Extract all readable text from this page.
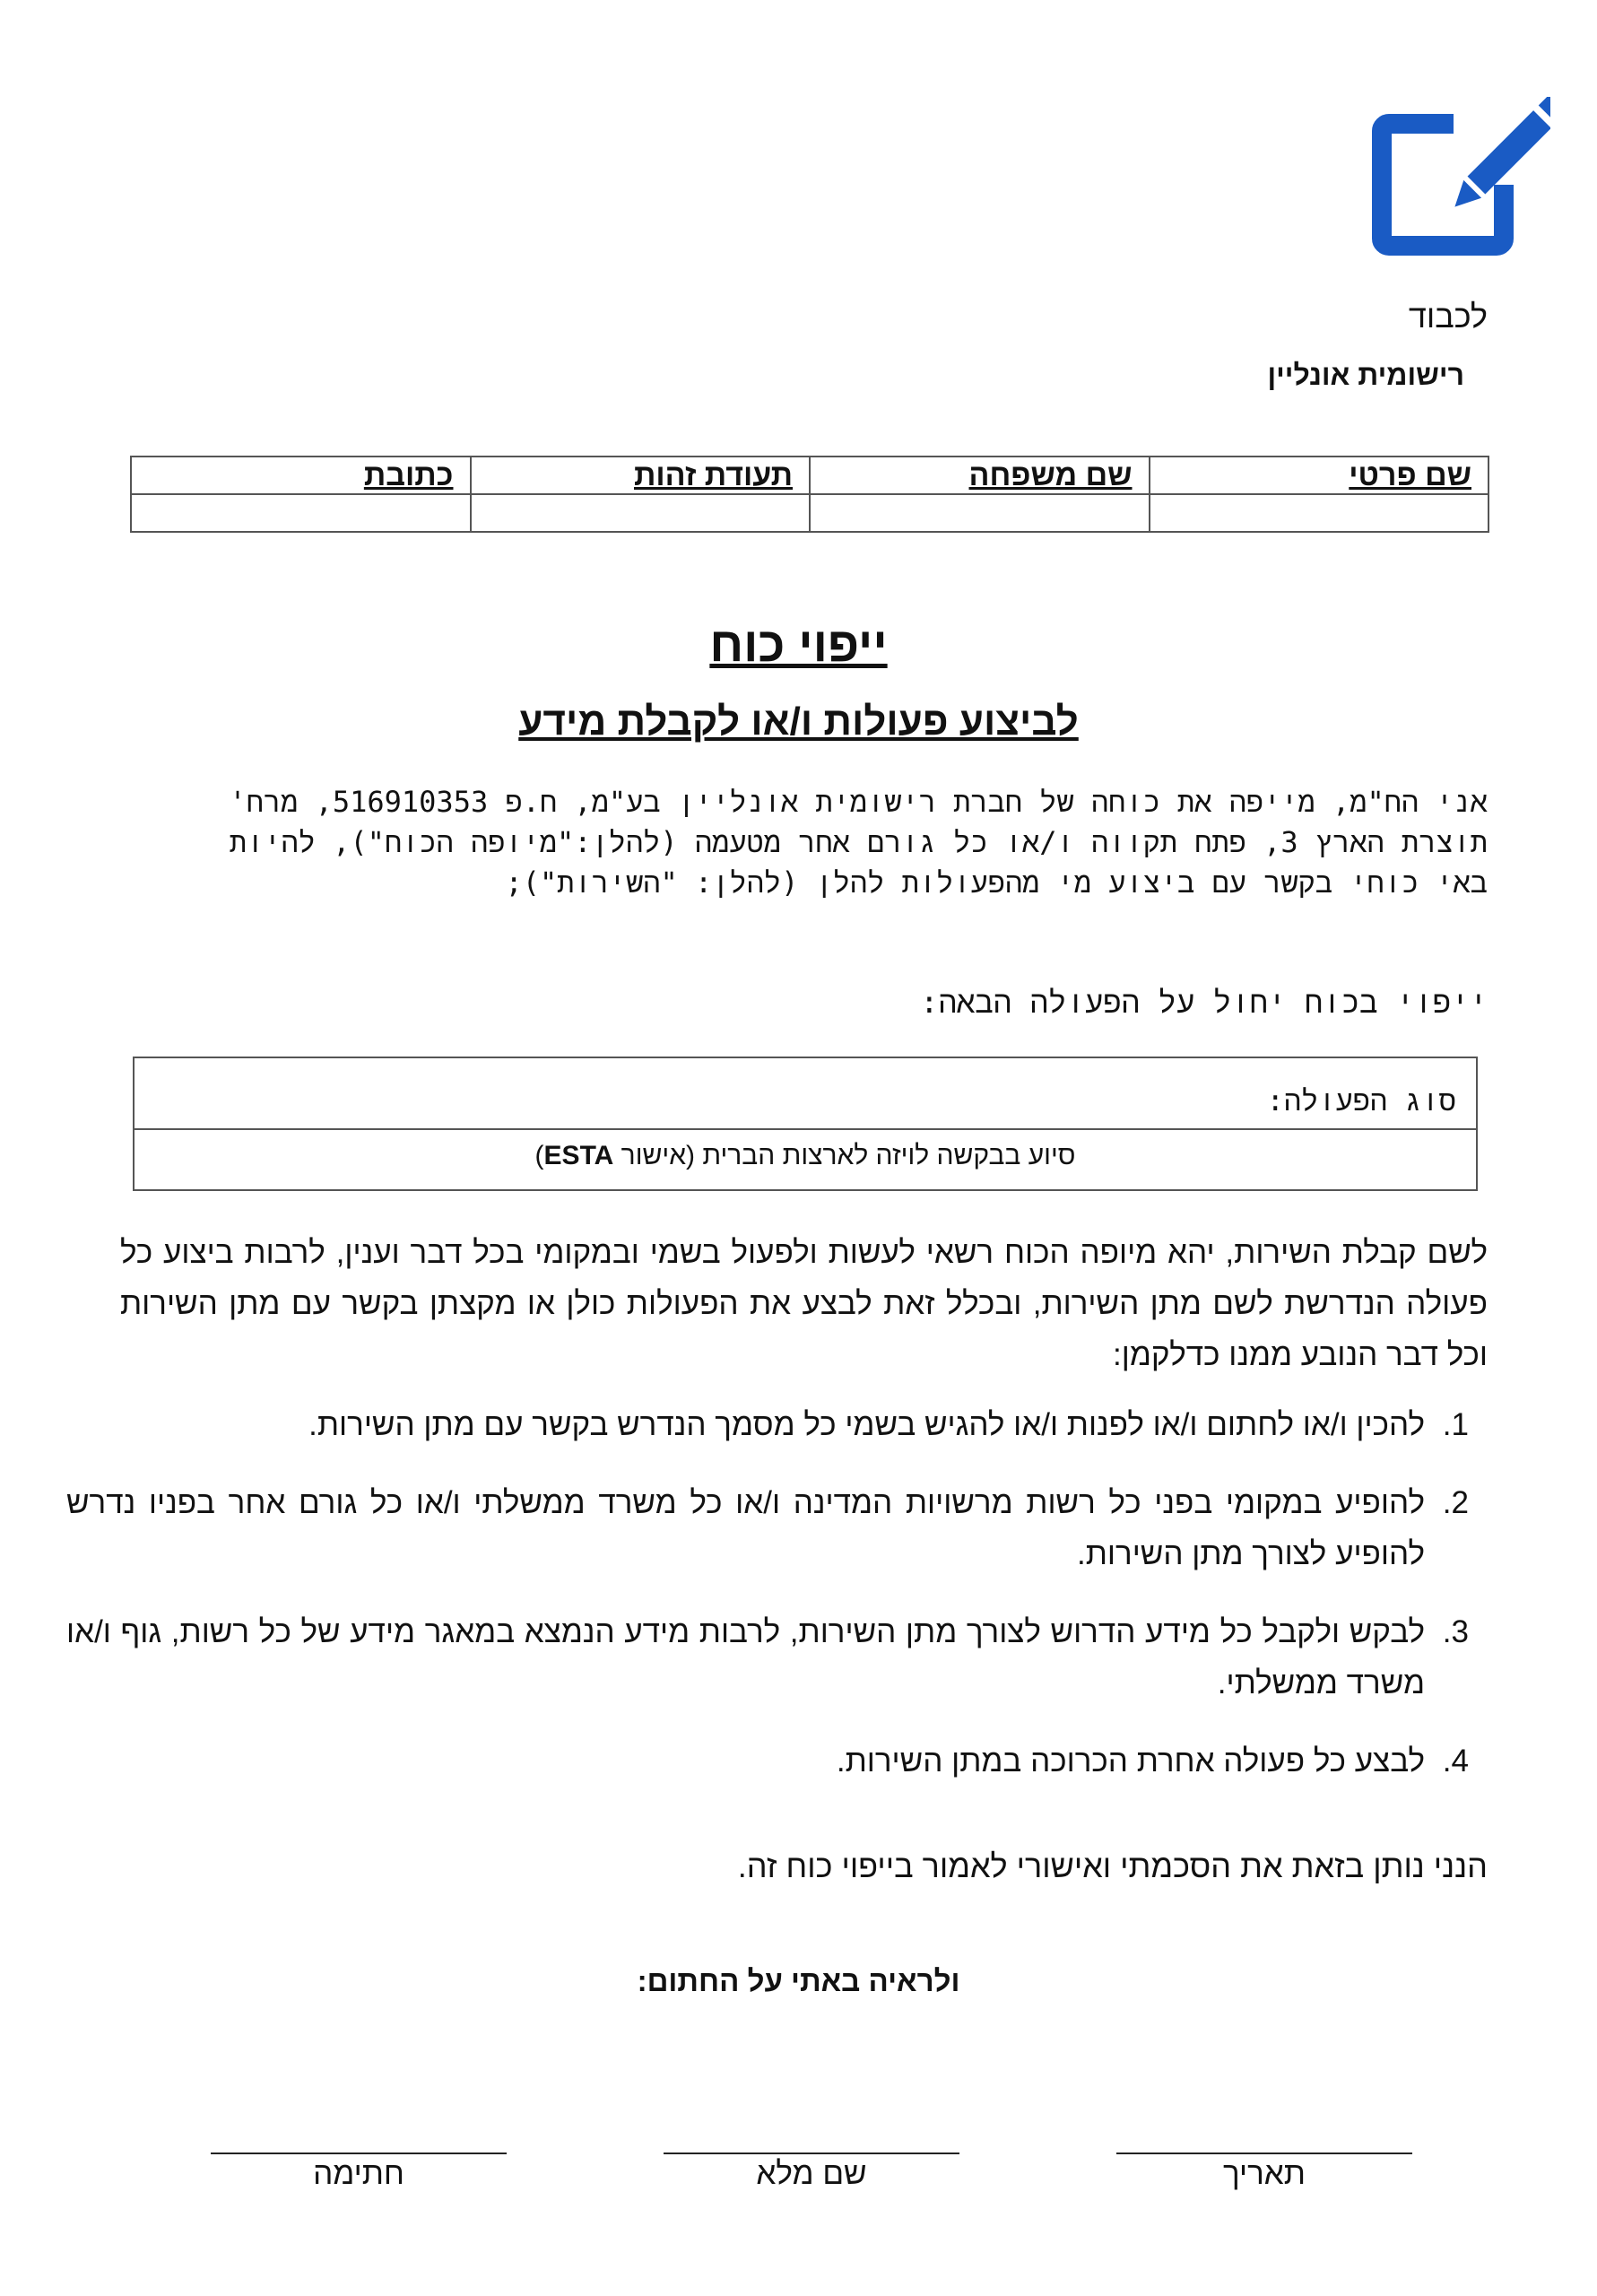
לכבוד
רישומית אונליין
שם פרטי	שם משפחה	תעודת זהות	כתובת

ייפוי כוח
לביצוע פעולות ו/או לקבלת מידע
אני הח"מ, מייפה את כוחה של חברת רישומית אונליין בע"מ, ח.פ 516910353, מרח' תוצרת הארץ 3, פתח תקווה ו/או כל גורם אחר מטעמה (להלן:"מיופה הכוח"), להיות באי כוחי בקשר עם ביצוע מי מהפעולות להלן (להלן: "השירות");
ייפוי בכוח יחול על הפעולה הבאה:
סוג הפעולה:
סיוע בבקשה לויזה לארצות הברית (אישור ESTA)
לשם קבלת השירות, יהא מיופה הכוח רשאי לעשות ולפעול בשמי ובמקומי בכל דבר וענין, לרבות ביצוע כל פעולה הנדרשת לשם מתן השירות, ובכלל זאת לבצע את הפעולות כולן או מקצתן בקשר עם מתן השירות וכל דבר הנובע ממנו כדלקמן:
1. להכין ו/או לחתום ו/או לפנות ו/או להגיש בשמי כל מסמך הנדרש בקשר עם מתן השירות.
2. להופיע במקומי בפני כל רשות מרשויות המדינה ו/או כל משרד ממשלתי ו/או כל גורם אחר בפניו נדרש להופיע לצורך מתן השירות.
3. לבקש ולקבל כל מידע הדרוש לצורך מתן השירות, לרבות מידע הנמצא במאגר מידע של כל רשות, גוף ו/או משרד ממשלתי.
4. לבצע כל פעולה אחרת הכרוכה במתן השירות.
הנני נותן בזאת את הסכמתי ואישורי לאמור בייפוי כוח זה.
ולראיה באתי על החתום:
תאריך
שם מלא
חתימה
